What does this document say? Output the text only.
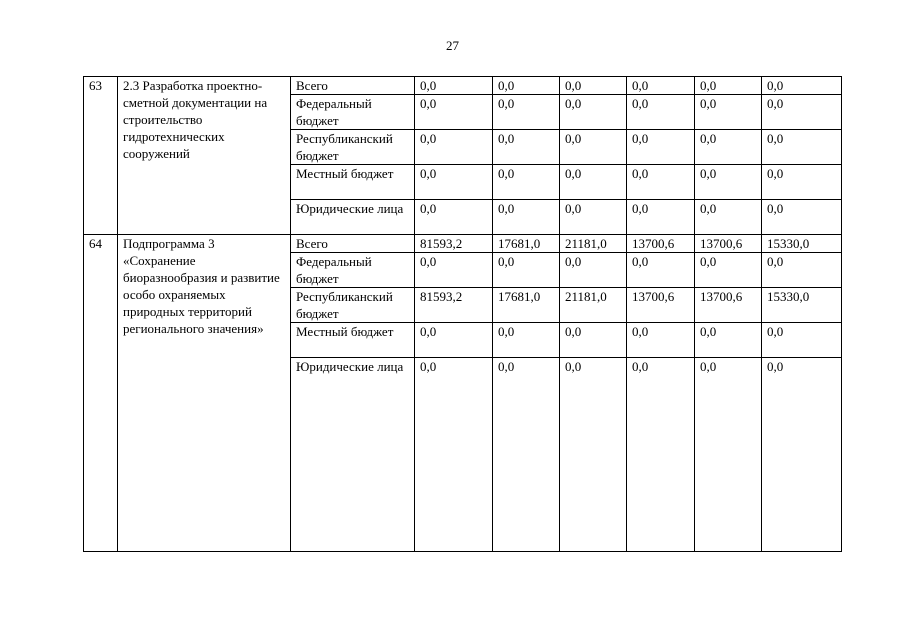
27
63	2.3 Разработка проектно-сметной документации на строительство гидротехнических сооружений	Всего	0,0	0,0	0,0	0,0	0,0	0,0
		Федеральный бюджет	0,0	0,0	0,0	0,0	0,0	0,0
		Республиканский бюджет	0,0	0,0	0,0	0,0	0,0	0,0
		Местный бюджет	0,0	0,0	0,0	0,0	0,0	0,0
		Юридические лица	0,0	0,0	0,0	0,0	0,0	0,0
64	Подпрограмма 3 «Сохранение биоразнообразия и развитие особо охраняемых природных территорий регионального значения»	Всего	81593,2	17681,0	21181,0	13700,6	13700,6	15330,0
		Федеральный бюджет	0,0	0,0	0,0	0,0	0,0	0,0
		Республиканский бюджет	81593,2	17681,0	21181,0	13700,6	13700,6	15330,0
		Местный бюджет	0,0	0,0	0,0	0,0	0,0	0,0
		Юридические лица	0,0	0,0	0,0	0,0	0,0	0,0
